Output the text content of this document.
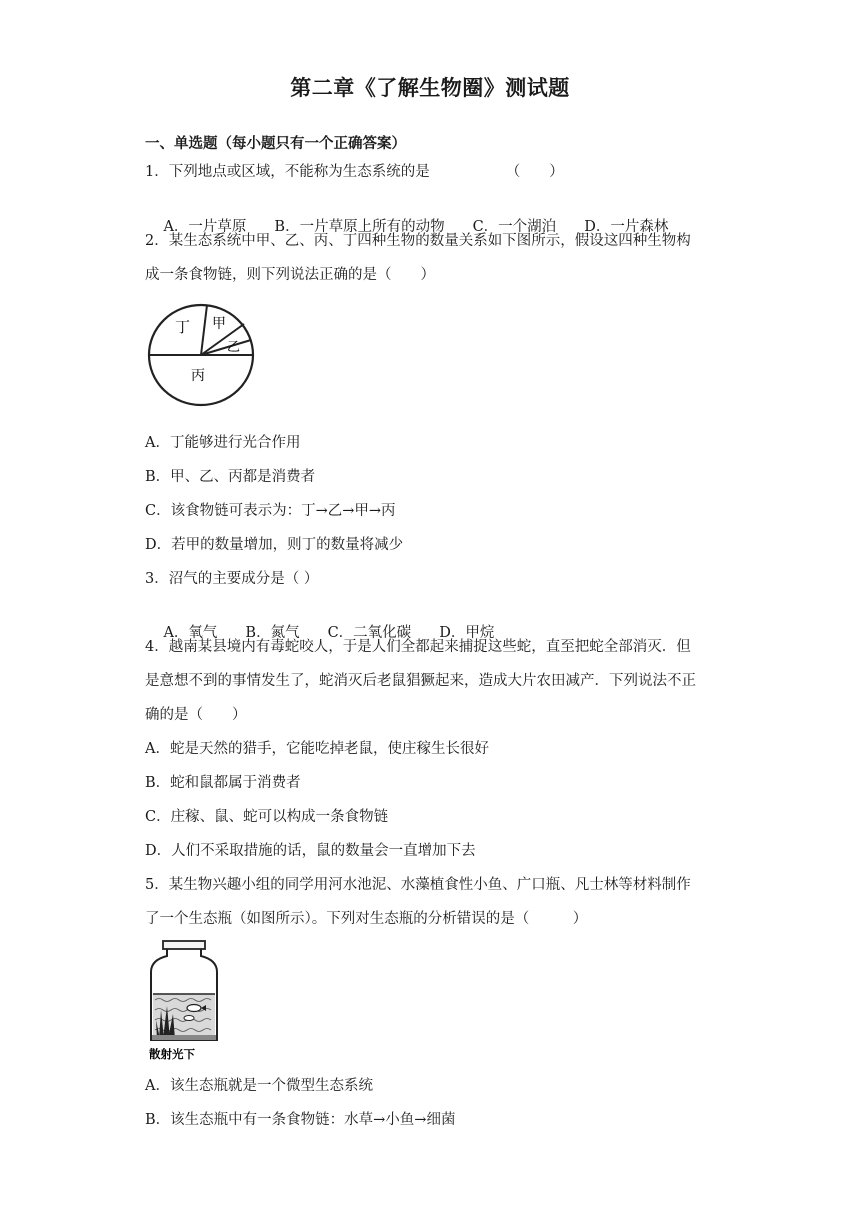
第二章《了解生物圈》测试题
一、单选题（每小题只有一个正确答案）
1．下列地点或区域，不能称为生态系统的是	（　　）

A．一片草原 B．一片草原上所有的动物 C．一个湖泊 D．一片森林

2．某生态系统中甲、乙、丙、丁四种生物的数量关系如下图所示，假设这四种生物构
成一条食物链，则下列说法正确的是（　　）
丁 甲
乙
丙
A．丁能够进行光合作用
B．甲、乙、丙都是消费者
C．该食物链可表示为：丁→乙→甲→丙
D．若甲的数量增加，则丁的数量将减少
3．沼气的主要成分是（ ）

A．氧气 B．氮气 C．二氧化碳 D．甲烷

4．越南某县境内有毒蛇咬人，于是人们全都起来捕捉这些蛇，直至把蛇全部消灭．但
是意想不到的事情发生了，蛇消灭后老鼠猖獗起来，造成大片农田减产．下列说法不正
确的是（　　）
A．蛇是天然的猎手，它能吃掉老鼠，使庄稼生长很好
B．蛇和鼠都属于消费者
C．庄稼、鼠、蛇可以构成一条食物链
D．人们不采取措施的话，鼠的数量会一直增加下去
5．某生物兴趣小组的同学用河水池泥、水藻植食性小鱼、广口瓶、凡士林等材料制作
了一个生态瓶（如图所示）。下列对生态瓶的分析错误的是（　　　）
散射光下
A．该生态瓶就是一个微型生态系统
B．该生态瓶中有一条食物链：水草→小鱼→细菌
